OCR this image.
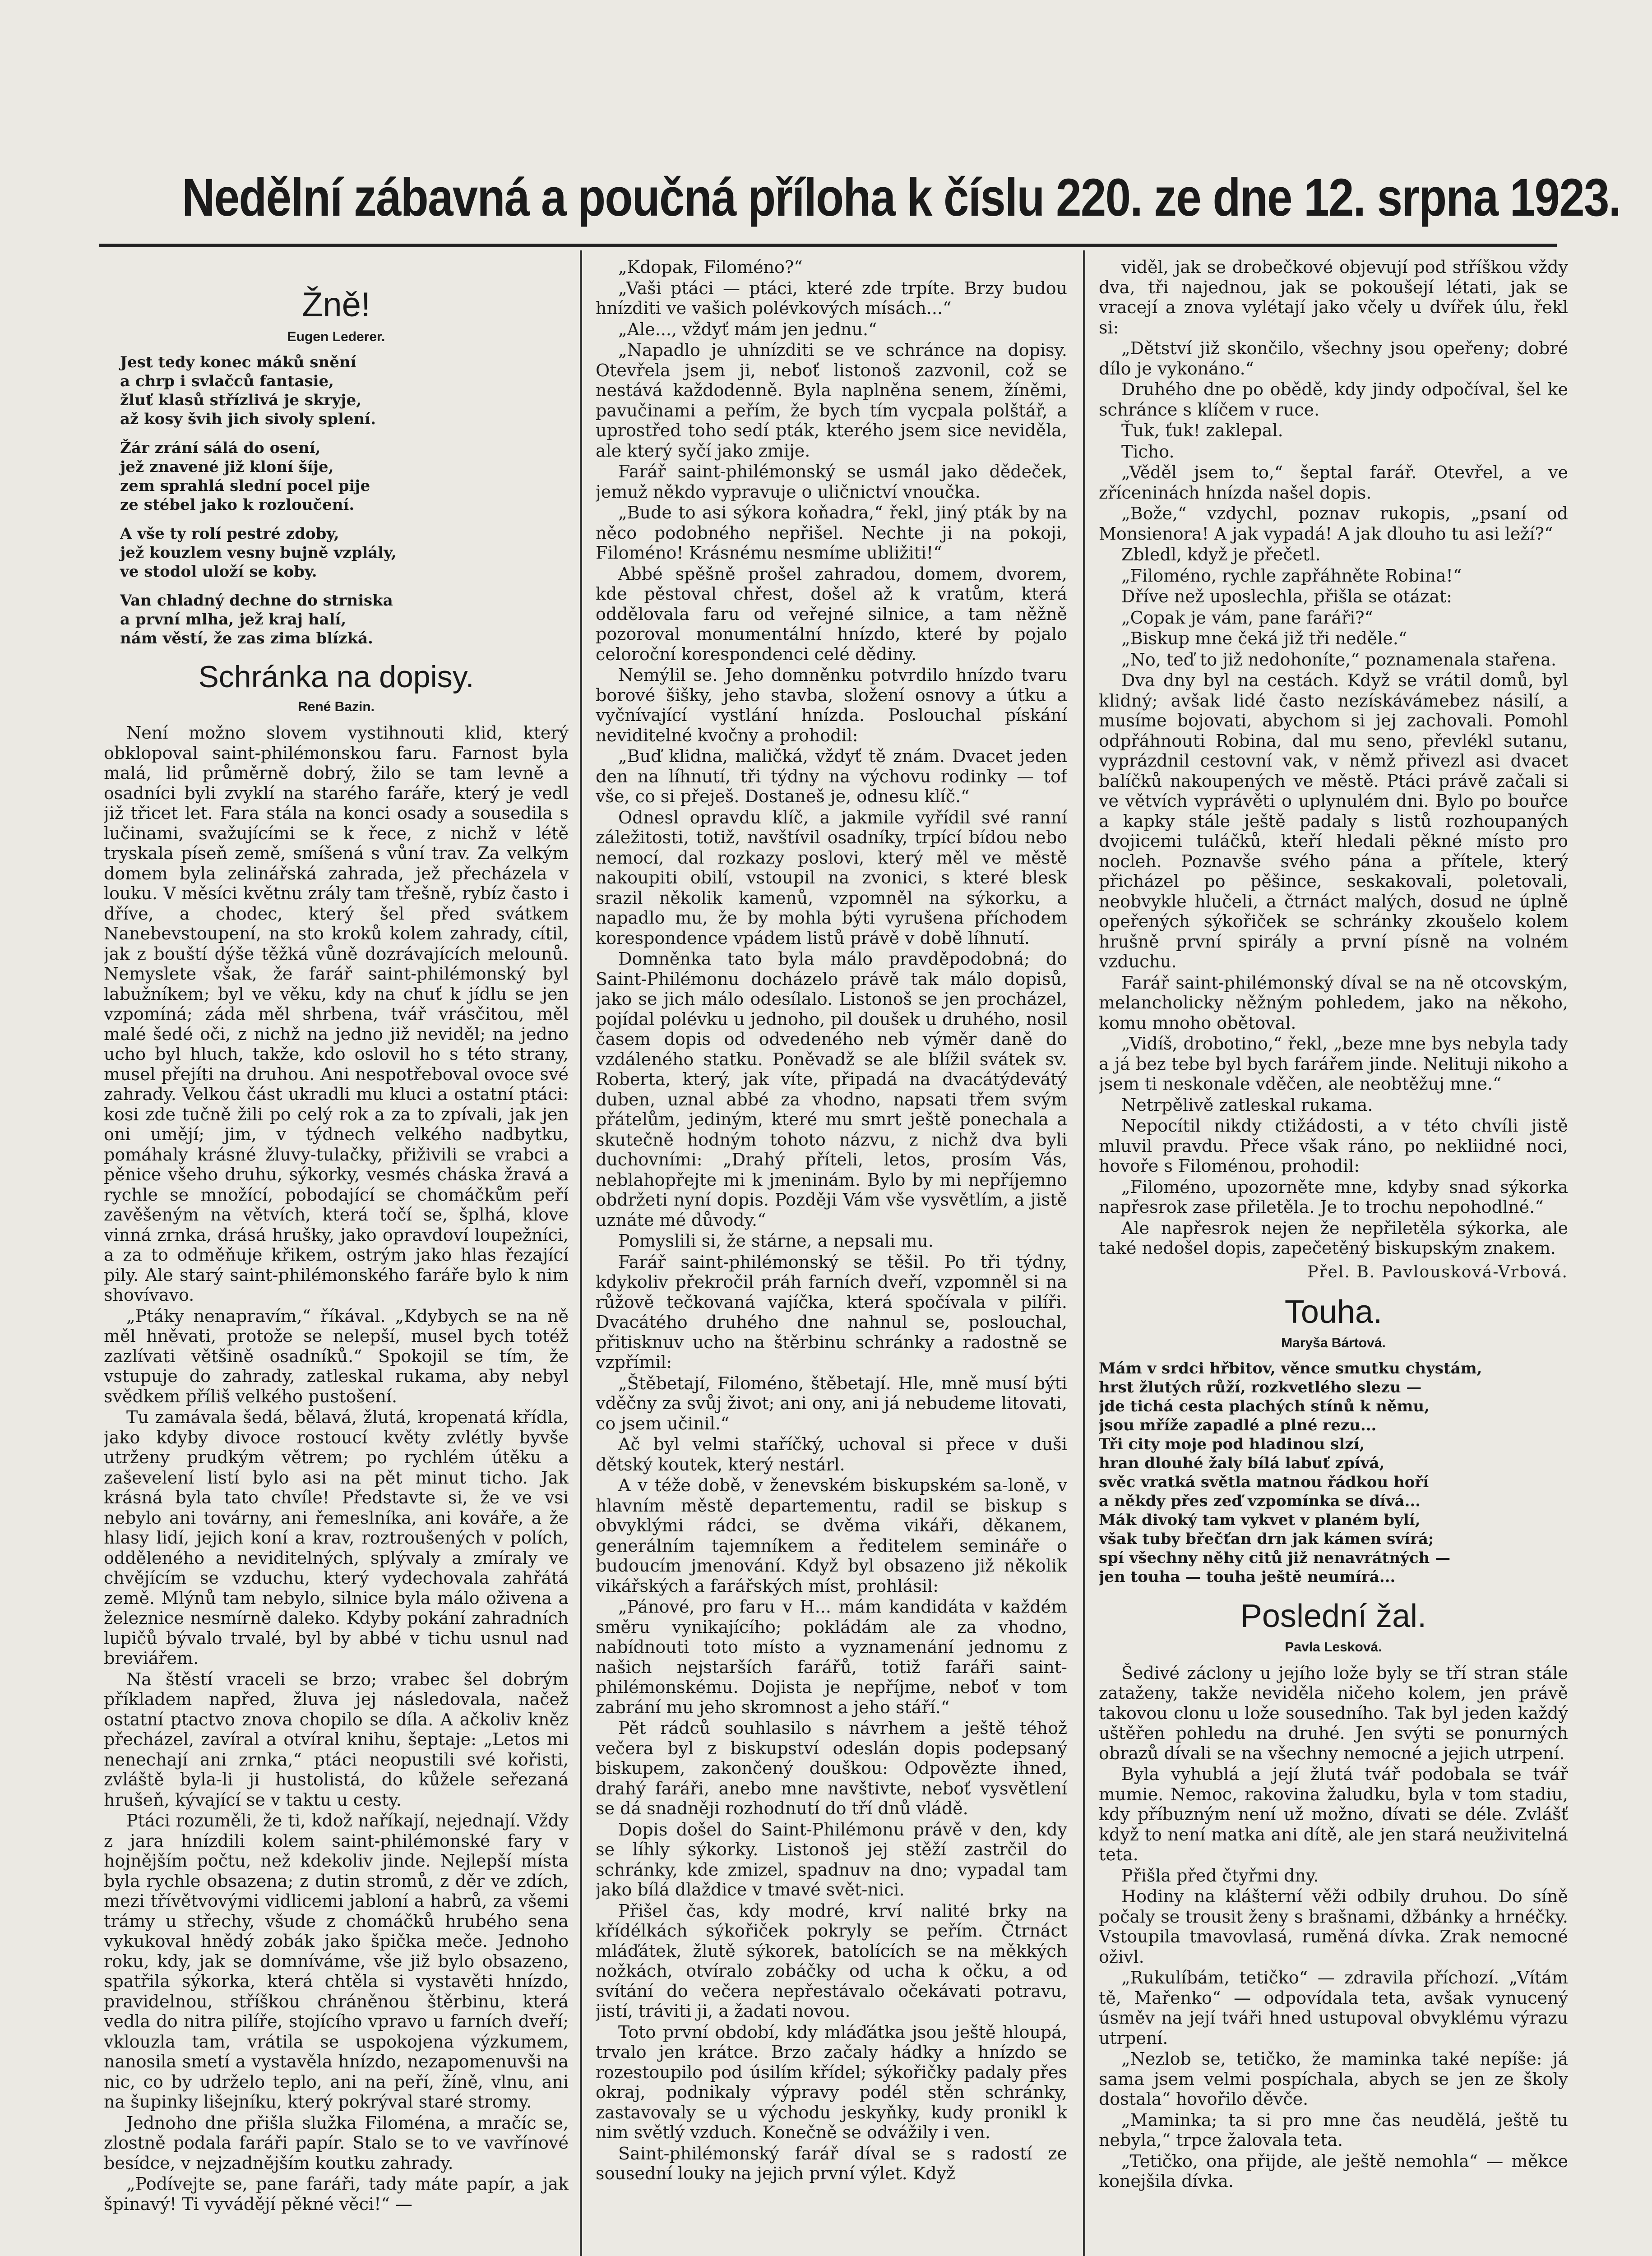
Nedělní zábavná a poučná příloha k číslu 220. ze dne 12. srpna 1923.
Žně!
Eugen Lederer.
Jest tedy konec máků snění
a chrp i svlačců fantasie,
žluť klasů střízlivá je skryje,
až kosy švih jich sivoly splení.
Žár zrání sálá do osení,
jež znavené již kloní šíje,
zem sprahlá slední pocel pije
ze stébel jako k rozloučení.
A vše ty rolí pestré zdoby,
jež kouzlem vesny bujně vzplály,
ve stodol uloží se koby.
Van chladný dechne do strniska
a první mlha, jež kraj halí,
nám věstí, že zas zima blízká.
Schránka na dopisy.
René Bazin.

Není možno slovem vystihnouti klid, který obklopoval saint-philémonskou faru. Farnost byla malá, lid průměrně dobrý, žilo se tam levně a osadníci byli zvyklí na starého faráře, který je vedl již třicet let. Fara stála na konci osady a sousedila s lučinami, svažujícími se k řece, z nichž v létě tryskala píseň země, smíšená s vůní trav. Za velkým domem byla zelinářská zahrada, jež přecházela v louku. V měsíci květnu zrály tam třešně, rybíz často i dříve, a chodec, který šel před svátkem Nanebevstoupení, na sto kroků kolem zahrady, cítil, jak z bouští dýše těžká vůně dozrávajících melounů. Nemyslete však, že farář saint-philémonský byl labužníkem; byl ve věku, kdy na chuť k jídlu se jen vzpomíná; záda měl shrbena, tvář vrásčitou, měl malé šedé oči, z nichž na jedno již neviděl; na jedno ucho byl hluch, takže, kdo oslovil ho s této strany, musel přejíti na druhou. Ani nespotřeboval ovoce své zahrady. Velkou část ukradli mu kluci a ostatní ptáci: kosi zde tučně žili po celý rok a za to zpívali, jak jen oni umějí; jim, v týdnech velkého nadbytku, pomáhaly krásné žluvy-tulačky, přiživili se vrabci a pěnice všeho druhu, sýkorky, vesmés cháska žravá a rychle se množící, pobodající se chomáčkům peří zavěšeným na větvích, která točí se, šplhá, klove vinná zrnka, drásá hrušky, jako opravdoví loupežníci, a za to odměňuje křikem, ostrým jako hlas řezající pily. Ale starý saint-philémonského faráře bylo k nim shovívavo.

„Ptáky nenapravím,“ říkával. „Kdybych se na ně měl hněvati, protože se nelepší, musel bych totéž zazlívati většině osadníků.“ Spokojil se tím, že vstupuje do zahrady, zatleskal rukama, aby nebyl svědkem příliš velkého pustošení.

Tu zamávala šedá, bělavá, žlutá, kropenatá křídla, jako kdyby divoce rostoucí květy zvlétly byvše utrženy prudkým větrem; po rychlém útěku a zaševelení listí bylo asi na pět minut ticho. Jak krásná byla tato chvíle! Představte si, že ve vsi nebylo ani továrny, ani řemeslníka, ani kováře, a že hlasy lidí, jejich koní a krav, roztroušených v polích, odděleného a neviditelných, splývaly a zmíraly ve chvějícím se vzduchu, který vydechovala zahřátá země. Mlýnů tam nebylo, silnice byla málo oživena a železnice nesmírně daleko. Kdyby pokání zahradních lupičů bývalo trvalé, byl by abbé v tichu usnul nad breviářem.

Na štěstí vraceli se brzo; vrabec šel dobrým příkladem napřed, žluva jej následovala, načež ostatní ptactvo znova chopilo se díla. A ačkoliv kněz přecházel, zavíral a otvíral knihu, šeptaje: „Letos mi nenechají ani zrnka,“ ptáci neopustili své kořisti, zvláště byla-li ji hustolistá, do kůžele seřezaná hrušeň, kývající se v taktu u cesty.

Ptáci rozuměli, že ti, kdož naříkají, nejednají. Vždy z jara hnízdili kolem saint-philémonské fary v hojnějším počtu, než kdekoliv jinde. Nejlepší místa byla rychle obsazena; z dutin stromů, z děr ve zdích, mezi třívětvovými vidlicemi jabloní a habrů, za všemi trámy u střechy, všude z chomáčků hrubého sena vykukoval hnědý zobák jako špička meče. Jednoho roku, kdy, jak se domníváme, vše již bylo obsazeno, spatřila sýkorka, která chtěla si vystavěti hnízdo, pravidelnou, stříškou chráněnou štěrbinu, která vedla do nitra pilíře, stojícího vpravo u farních dveří; vklouzla tam, vrátila se uspokojena výzkumem, nanosila smetí a vystavěla hnízdo, nezapomenuvši na nic, co by udrželo teplo, ani na peří, žíně, vlnu, ani na šupinky lišejníku, který pokrýval staré stromy.

Jednoho dne přišla služka Filoména, a mračíc se, zlostně podala faráři papír. Stalo se to ve vavřínové besídce, v nejzadnějším koutku zahrady.

„Podívejte se, pane faráři, tady máte papír, a jak špinavý! Ti vyvádějí pěkné věci!“ —

„Kdopak, Filoméno?“

„Vaši ptáci — ptáci, které zde trpíte. Brzy budou hnízditi ve vašich polévkových mísách...“

„Ale..., vždyť mám jen jednu.“

„Napadlo je uhnízditi se ve schránce na dopisy. Otevřela jsem ji, neboť listonoš zazvonil, což se nestává každodenně. Byla naplněna senem, žíněmi, pavučinami a peřím, že bych tím vycpala polštář, a uprostřed toho sedí pták, kterého jsem sice neviděla, ale který syčí jako zmije.

Farář saint-philémonský se usmál jako dědeček, jemuž někdo vypravuje o uličnictví vnoučka.

„Bude to asi sýkora koňadra,“ řekl, jiný pták by na něco podobného nepřišel. Nechte ji na pokoji, Filoméno! Krásnému nesmíme ubližiti!“

Abbé spěšně prošel zahradou, domem, dvorem, kde pěstoval chřest, došel až k vratům, která oddělovala faru od veřejné silnice, a tam něžně pozoroval monumentální hnízdo, které by pojalo celoroční korespondenci celé dědiny.

Nemýlil se. Jeho domněnku potvrdilo hnízdo tvaru borové šišky, jeho stavba, složení osnovy a útku a vyčnívající vystlání hnízda. Poslouchal pískání neviditelné kvočny a prohodil:

„Buď klidna, maličká, vždyť tě znám. Dvacet jeden den na líhnutí, tři týdny na výchovu rodinky — tof vše, co si přeješ. Dostaneš je, odnesu klíč.“

Odnesl opravdu klíč, a jakmile vyřídil své ranní záležitosti, totiž, navštívil osadníky, trpící bídou nebo nemocí, dal rozkazy poslovi, který měl ve městě nakoupiti obilí, vstoupil na zvonici, s které blesk srazil několik kamenů, vzpomněl na sýkorku, a napadlo mu, že by mohla býti vyrušena příchodem korespondence vpádem listů právě v době líhnutí.

Domněnka tato byla málo pravděpodobná; do Saint-Philémonu docházelo právě tak málo dopisů, jako se jich málo odesílalo. Listonoš se jen procházel, pojídal polévku u jednoho, pil doušek u druhého, nosil časem dopis od odvedeného neb výměr daně do vzdáleného statku. Poněvadž se ale blížil svátek sv. Roberta, který, jak víte, připadá na dvacátýdevátý duben, uznal abbé za vhodno, napsati třem svým přátelům, jediným, které mu smrt ještě ponechala a skutečně hodným tohoto názvu, z nichž dva byli duchovními: „Drahý příteli, letos, prosím Vás, neblahopřejte mi k jmeninám. Bylo by mi nepříjemno obdržeti nyní dopis. Později Vám vše vysvětlím, a jistě uznáte mé důvody.“

Pomyslili si, že stárne, a nepsali mu.

Farář saint-philémonský se těšil. Po tři týdny, kdykoliv překročil práh farních dveří, vzpomněl si na růžově tečkovaná vajíčka, která spočívala v pilíři. Dvacátého druhého dne nahnul se, poslouchal, přitisknuv ucho na štěrbinu schránky a radostně se vzpřímil:

„Štěbetají, Filoméno, štěbetají. Hle, mně musí býti vděčny za svůj život; ani ony, ani já nebudeme litovati, co jsem učinil.“

Ač byl velmi staříčký, uchoval si přece v duši dětský koutek, který nestárl.

A v téže době, v ženevském biskupském sa-loně, v hlavním městě departementu, radil se biskup s obvyklými rádci, se dvěma vikáři, děkanem, generálním tajemníkem a ředitelem semináře o budoucím jmenování. Když byl obsazeno již několik vikářských a farářských míst, prohlásil:

„Pánové, pro faru v H... mám kandidáta v každém směru vynikajícího; pokládám ale za vhodno, nabídnouti toto místo a vyznamenání jednomu z našich nejstarších farářů, totiž faráři saint-philémonskému. Dojista je nepříjme, neboť v tom zabrání mu jeho skromnost a jeho stáří.“

Pět rádců souhlasilo s návrhem a ještě téhož večera byl z biskupství odeslán dopis podepsaný biskupem, zakončený douškou: Odpovězte ihned, drahý faráři, anebo mne navštivte, neboť vysvětlení se dá snadněji rozhodnutí do tří dnů vládě.

Dopis došel do Saint-Philémonu právě v den, kdy se líhly sýkorky. Listonoš jej stěží zastrčil do schránky, kde zmizel, spadnuv na dno; vypadal tam jako bílá dlaždice v tmavé svět-nici.

Přišel čas, kdy modré, krví nalité brky na křídélkách sýkořiček pokryly se peřím. Čtrnáct mláďátek, žlutě sýkorek, batolících se na měkkých nožkách, otvíralo zobáčky od ucha k očku, a od svítání do večera nepřestávalo očekávati potravu, jistí, tráviti ji, a žadati novou.

Toto první období, kdy mláďátka jsou ještě hloupá, trvalo jen krátce. Brzo začaly hádky a hnízdo se rozestoupilo pod úsilím křídel; sýkořičky padaly přes okraj, podnikaly výpravy podél stěn schránky, zastavovaly se u východu jeskyňky, kudy pronikl k nim světlý vzduch. Konečně se odvážily i ven.

Saint-philémonský farář díval se s radostí ze sousední louky na jejich první výlet. Když

viděl, jak se drobečkové objevují pod stříškou vždy dva, tři najednou, jak se pokoušejí létati, jak se vracejí a znova vylétají jako včely u dvířek úlu, řekl si:

„Dětství již skončilo, všechny jsou opeřeny; dobré dílo je vykonáno.“

Druhého dne po obědě, kdy jindy odpočíval, šel ke schránce s klíčem v ruce.

Ťuk, ťuk! zaklepal.

Ticho.

„Věděl jsem to,“ šeptal farář. Otevřel, a ve zříceninách hnízda našel dopis.

„Bože,“ vzdychl, poznav rukopis, „psaní od Monsienora! A jak vypadá! A jak dlouho tu asi leží?“

Zbledl, když je přečetl.

„Filoméno, rychle zapřáhněte Robina!“

Dříve než uposlechla, přišla se otázat:

„Copak je vám, pane faráři?“

„Biskup mne čeká již tři neděle.“

„No, teď to již nedohoníte,“ poznamenala stařena.

Dva dny byl na cestách. Když se vrátil domů, byl klidný; avšak lidé často nezískávámebez násilí, a musíme bojovati, abychom si jej zachovali. Pomohl odpřáhnouti Robina, dal mu seno, převlékl sutanu, vyprázdnil cestovní vak, v němž přivezl asi dvacet balíčků nakoupených ve městě. Ptáci právě začali si ve větvích vyprávěti o uplynulém dni. Bylo po bouřce a kapky stále ještě padaly s listů rozhoupaných dvojicemi tuláčků, kteří hledali pěkné místo pro nocleh. Poznavše svého pána a přítele, který přicházel po pěšince, seskakovali, poletovali, neobvykle hlučeli, a čtrnáct malých, dosud ne úplně opeřených sýkořiček se schránky zkoušelo kolem hrušně první spirály a první písně na volném vzduchu.

Farář saint-philémonský díval se na ně otcovským, melancholicky něžným pohledem, jako na někoho, komu mnoho obětoval.

„Vidíš, drobotino,“ řekl, „beze mne bys nebyla tady a já bez tebe byl bych farářem jinde. Nelituji nikoho a jsem ti neskonale vděčen, ale neobtěžuj mne.“

Netrpělivě zatleskal rukama.

Nepocítil nikdy ctižádosti, a v této chvíli jistě mluvil pravdu. Přece však ráno, po nekliidné noci, hovoře s Filoménou, prohodil:

„Filoméno, upozorněte mne, kdyby snad sýkorka napřesrok zase přiletěla. Je to trochu nepohodlné.“

Ale napřesrok nejen že nepřiletěla sýkorka, ale také nedošel dopis, zapečetěný biskupským znakem.

Přel. B. Pavlousková-Vrbová.
Touha.
Maryša Bártová.
Mám v srdci hřbitov, věnce smutku chystám,
hrst žlutých růží, rozkvetlého slezu —
jde tichá cesta plachých stínů k němu,
jsou mříže zapadlé a plné rezu...
Tři city moje pod hladinou slzí,
hran dlouhé žaly bílá labuť zpívá,
svěc vratká světla matnou řádkou hoří
a někdy přes zeď vzpomínka se dívá...
Mák divoký tam vykvet v planém bylí,
však tuby břečťan drn jak kámen svírá;
spí všechny něhy citů již nenavrátných —
jen touha — touha ještě neumírá...
Poslední žal.
Pavla Lesková.

Šedivé záclony u jejího lože byly se tří stran stále zataženy, takže neviděla ničeho kolem, jen právě takovou clonu u lože sousedního. Tak byl jeden každý uštěřen pohledu na druhé. Jen svýti se ponurných obrazů dívali se na všechny nemocné a jejich utrpení.

Byla vyhublá a její žlutá tvář podobala se tvář mumie. Nemoc, rakovina žaludku, byla v tom stadiu, kdy příbuzným není už možno, dívati se déle. Zvlášť když to není matka ani dítě, ale jen stará neuživitelná teta.

Přišla před čtyřmi dny.

Hodiny na klášterní věži odbily druhou. Do síně počaly se trousit ženy s brašnami, džbánky a hrnéčky. Vstoupila tmavovlasá, ruměná dívka. Zrak nemocné oživl.

„Rukulíbám, tetičko“ — zdravila příchozí. „Vítám tě, Mařenko“ — odpovídala teta, avšak vynucený úsměv na její tváři hned ustupoval obvyklému výrazu utrpení.

„Nezlob se, tetičko, že maminka také nepíše: já sama jsem velmi pospíchala, abych se jen ze školy dostala“ hovořilo děvče.

„Maminka; ta si pro mne čas neudělá, ještě tu nebyla,“ trpce žalovala teta.

„Tetičko, ona přijde, ale ještě nemohla“ — měkce konejšila dívka.
